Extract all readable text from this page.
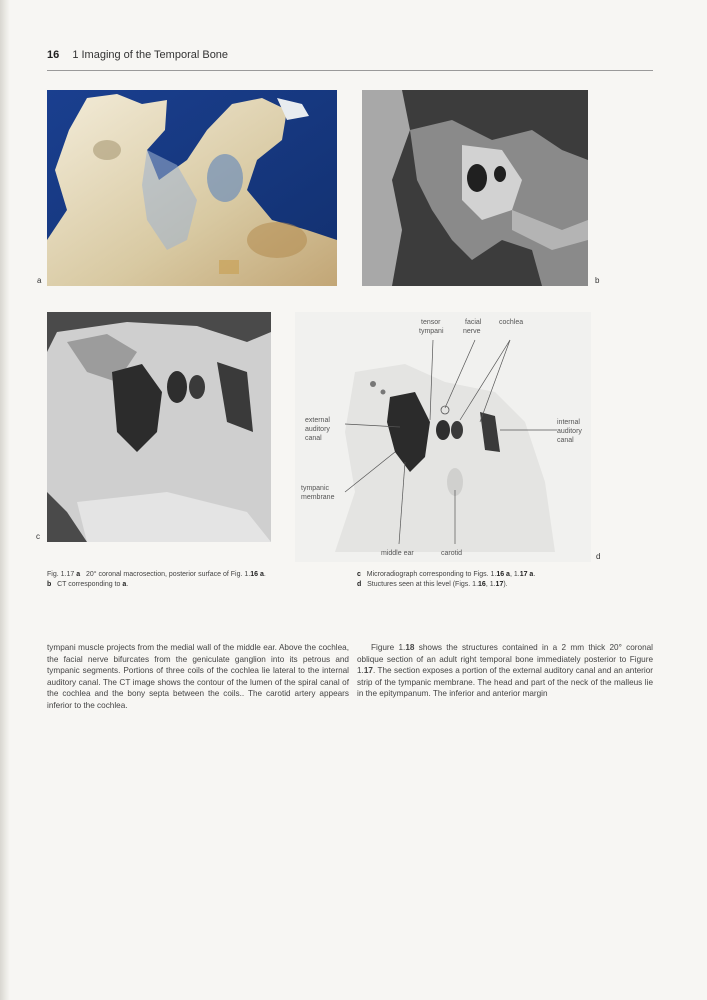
16 1 Imaging of the Temporal Bone
a	b
c
tensor
tympani
facial
nerve
cochlea
external
auditory
canal
internal
auditory
canal
tympanic
membrane
middle ear	carotid	d
Fig. 1.17 a 20° coronal macrosection, posterior surface of Fig. 1.16 a.
b CT corresponding to a.
c Microradiograph corresponding to Figs. 1.16 a, 1.17 a.
d Stuctures seen at this level (Figs. 1.16, 1.17).

tympani muscle projects from the medial wall of the middle ear. Above the cochlea, the facial nerve bifurcates from the geniculate ganglion into its petrous and tympanic segments. Portions of three coils of the cochlea lie lateral to the internal auditory canal. The CT image shows the contour of the lumen of the spiral canal of the cochlea and the bony septa between the coils.. The carotid artery appears inferior to the cochlea.

Figure 1.18 shows the structures contained in a 2 mm thick 20° coronal oblique section of an adult right temporal bone immediately posterior to Figure 1.17. The section exposes a portion of the external auditory canal and an anterior strip of the tympanic membrane. The head and part of the neck of the malleus lie in the epitympanum. The inferior and anterior margin
